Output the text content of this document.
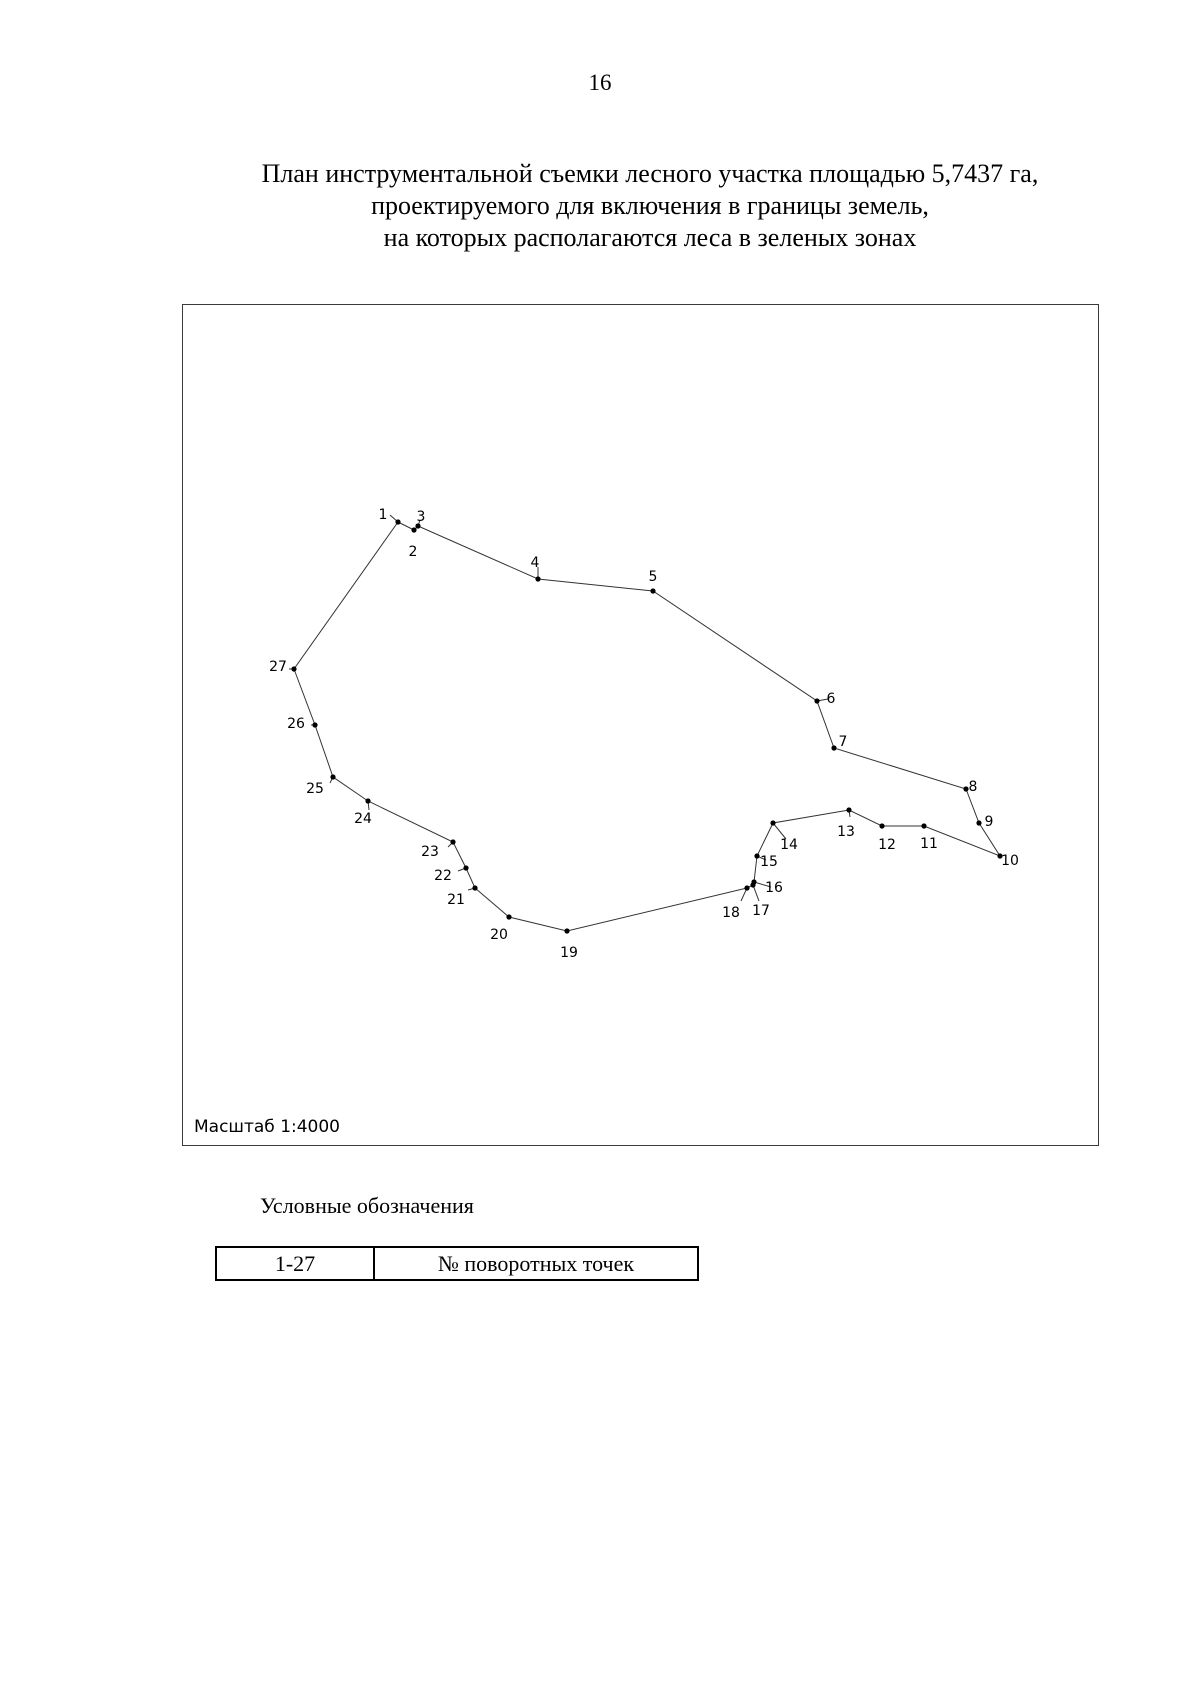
16
План инструментальной съемки лесного участка площадью 5,7437 га,
проектируемого для включения в границы земель,
на которых располагаются леса в зеленых зонах
1
2
3
4
5
6
7
8
9
10
11
12
13
14
15
16
17
18
19
20
21
22
23
24
25
26
27
Масштаб 1:4000
Условные обозначения
1-27	№ поворотных точек
